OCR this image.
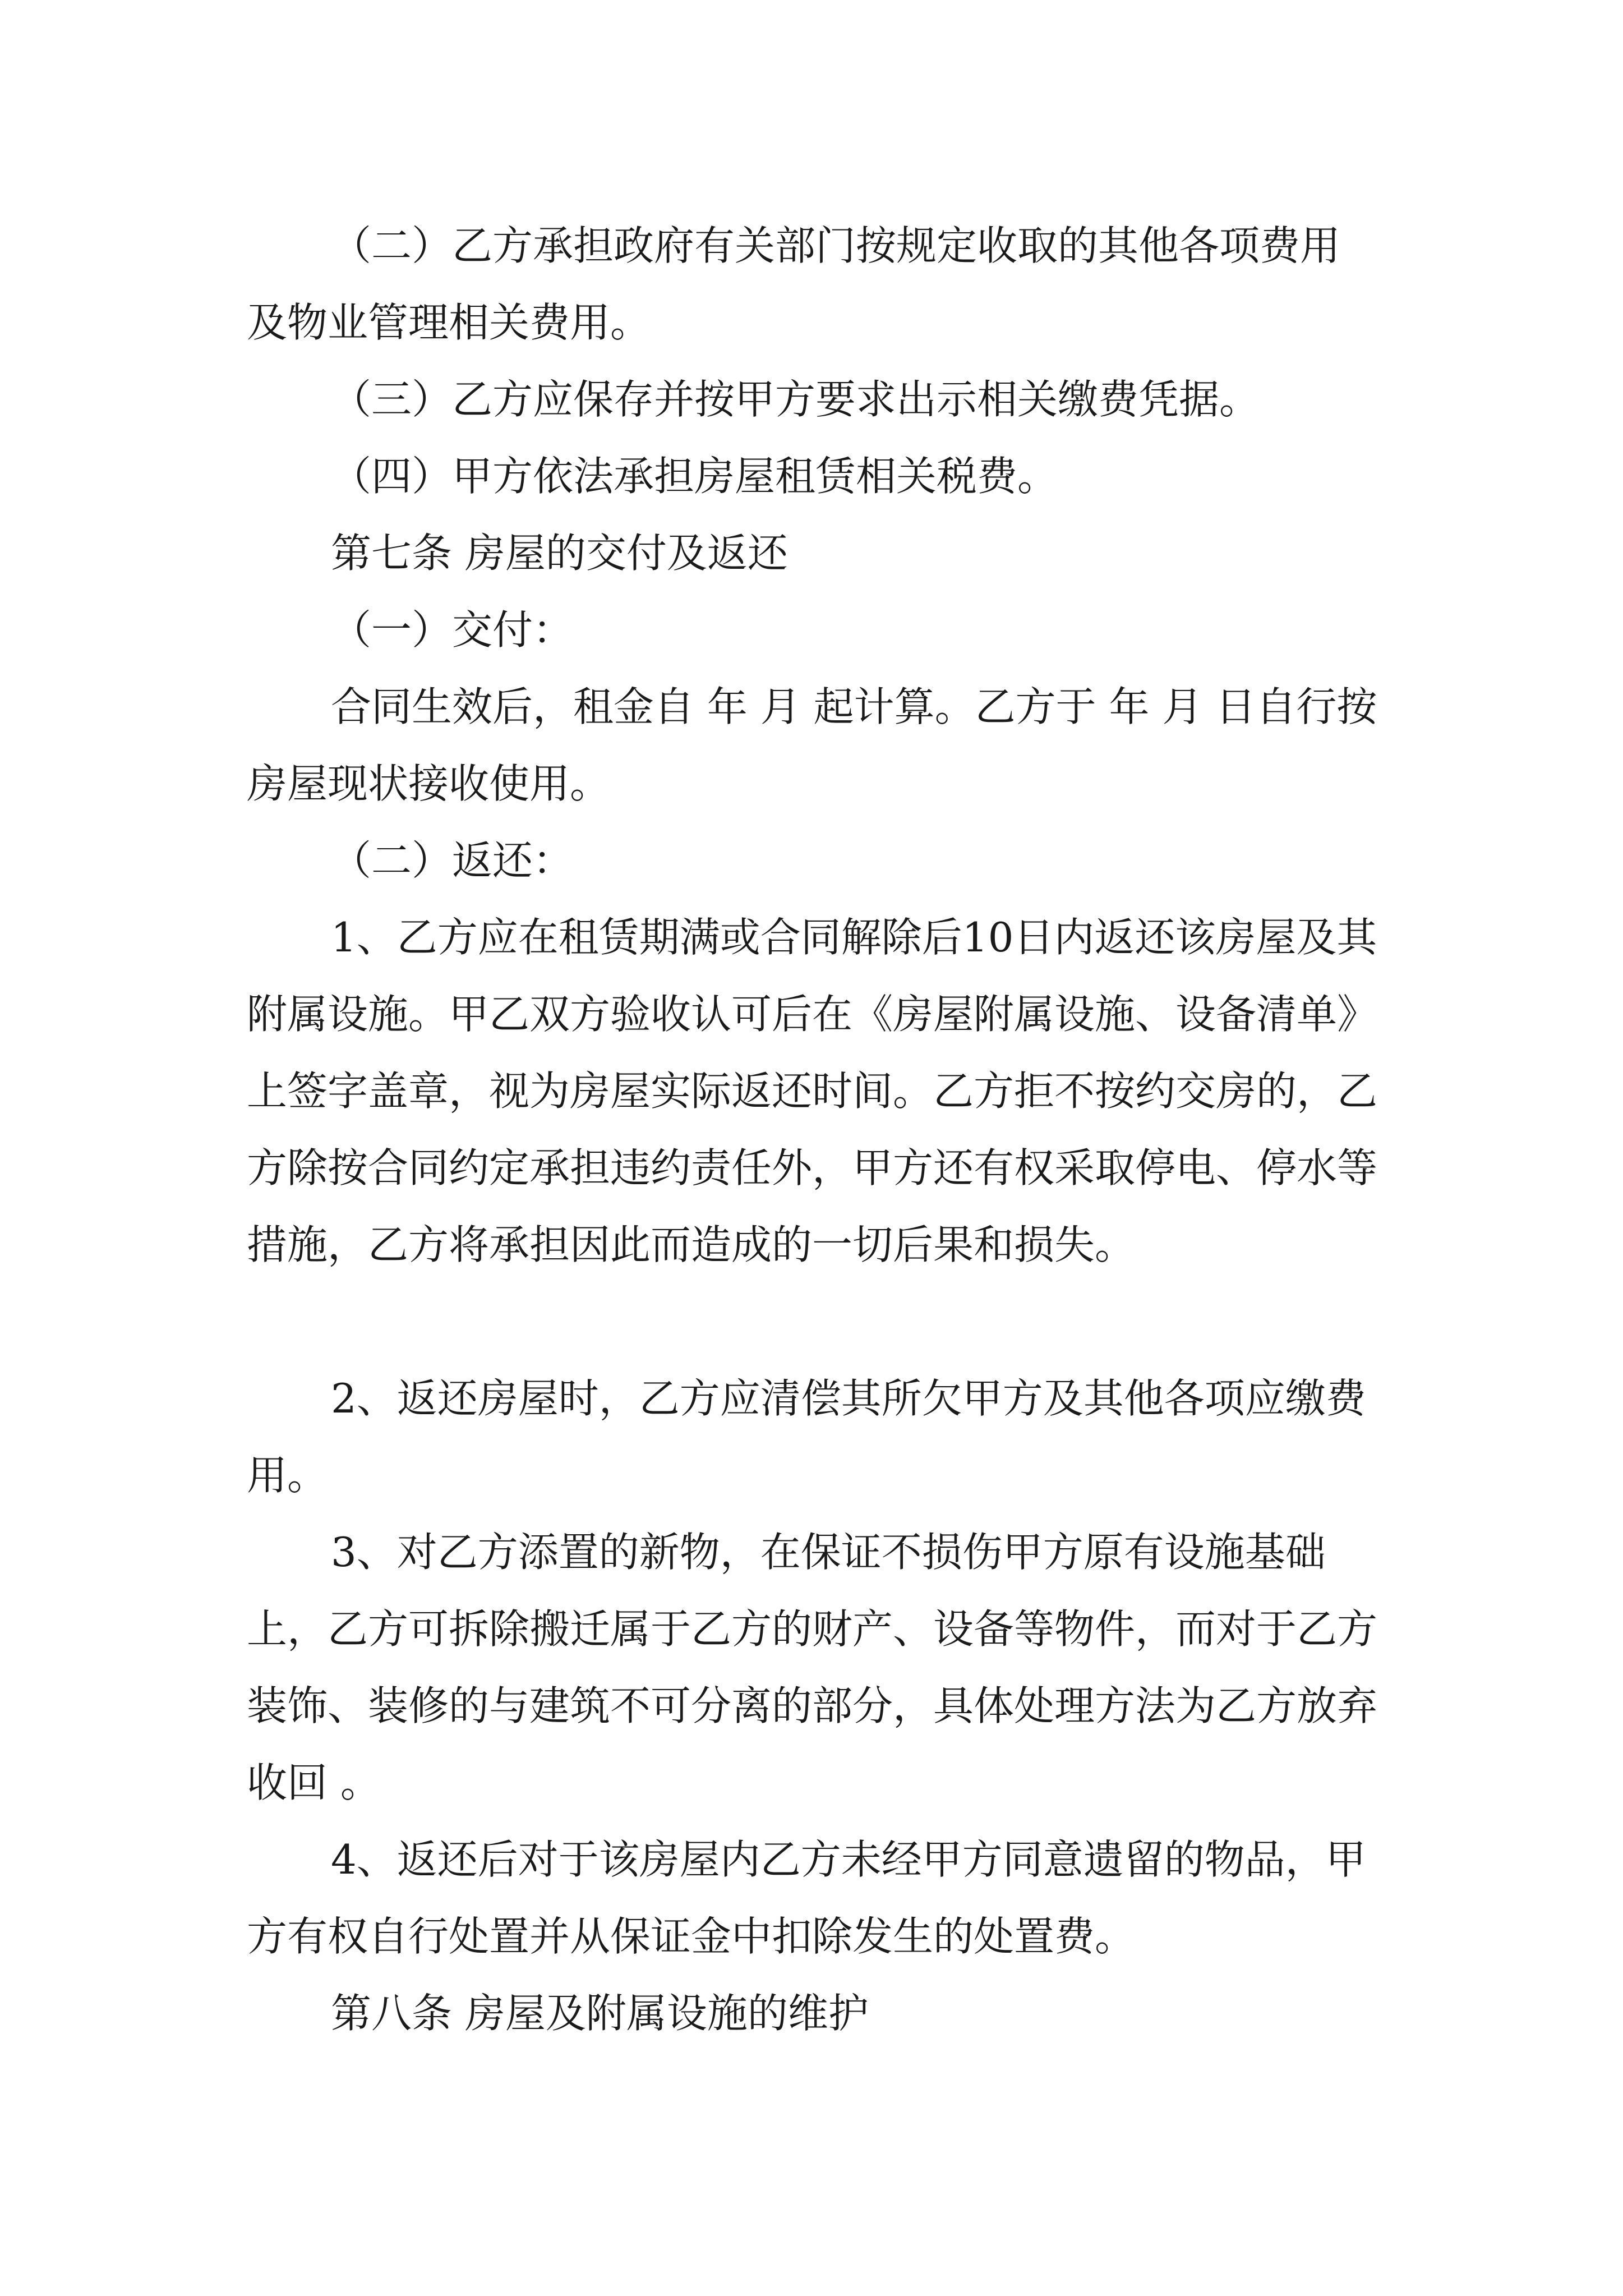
（二）乙方承担政府有关部门按规定收取的其他各项费用及物业管理相关费用。

（三）乙方应保存并按甲方要求出示相关缴费凭据。

（四）甲方依法承担房屋租赁相关税费。

第七条 房屋的交付及返还

（一）交付：

合同生效后，租金自 年 月 起计算。乙方于 年 月 日自行按房屋现状接收使用。

（二）返还：

1、乙方应在租赁期满或合同解除后10日内返还该房屋及其附属设施。甲乙双方验收认可后在《房屋附属设施、设备清单》上签字盖章，视为房屋实际返还时间。乙方拒不按约交房的，乙方除按合同约定承担违约责任外，甲方还有权采取停电、停水等措施，乙方将承担因此而造成的一切后果和损失。

2、返还房屋时，乙方应清偿其所欠甲方及其他各项应缴费用。

3、对乙方添置的新物，在保证不损伤甲方原有设施基础上，乙方可拆除搬迁属于乙方的财产、设备等物件，而对于乙方装饰、装修的与建筑不可分离的部分，具体处理方法为乙方放弃收回 。

4、返还后对于该房屋内乙方未经甲方同意遗留的物品，甲方有权自行处置并从保证金中扣除发生的处置费。

第八条 房屋及附属设施的维护
